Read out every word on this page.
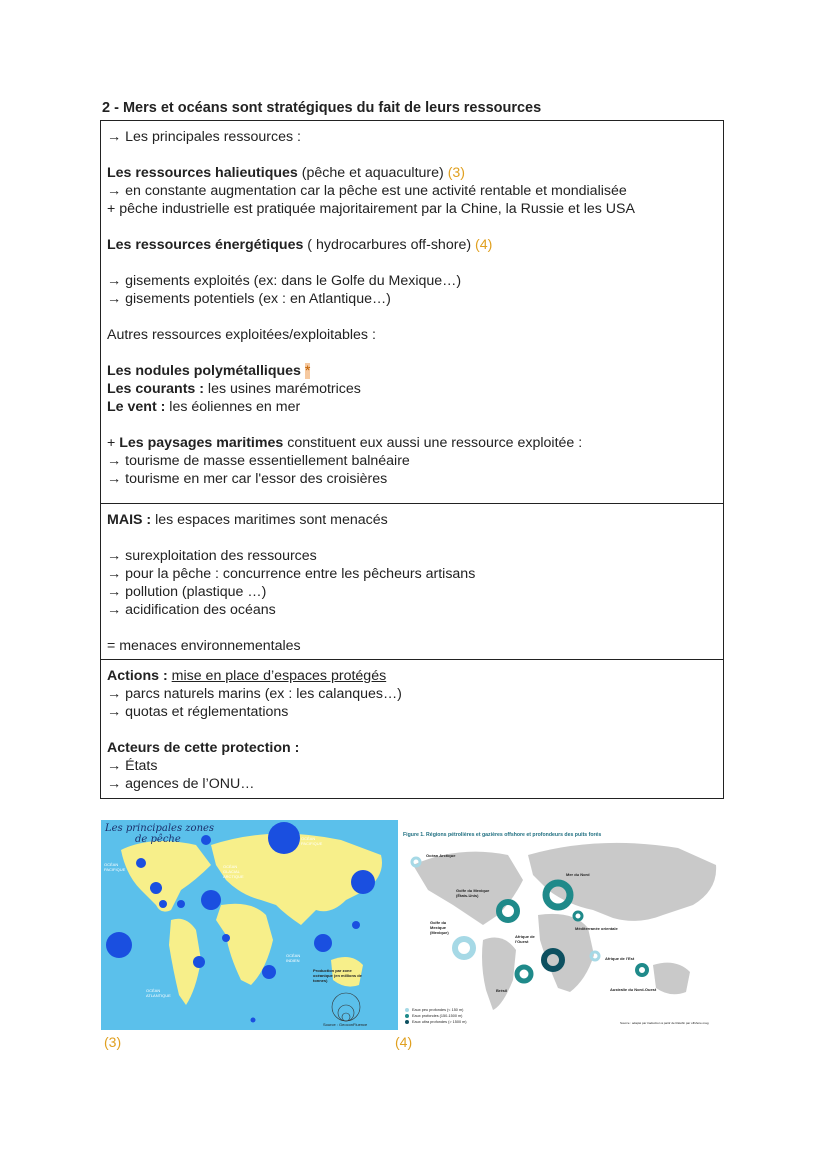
2 - Mers et océans sont stratégiques du fait de leurs ressources

→ Les principales ressources :

Les ressources halieutiques (pêche et aquaculture) (3)

→ en constante augmentation car la pêche est une activité rentable et mondialisée

+ pêche industrielle est pratiquée majoritairement par la Chine, la Russie et les USA

Les ressources énergétiques ( hydrocarbures off-shore) (4)

→ gisements exploités (ex: dans le Golfe du Mexique…)

→ gisements potentiels (ex : en Atlantique…)

Autres ressources exploitées/exploitables :

Les nodules polymétalliques *

Les courants : les usines marémotrices

Le vent : les éoliennes en mer

+ Les paysages maritimes constituent eux aussi une ressource exploitée :

→ tourisme de masse essentiellement balnéaire

→ tourisme en mer car l'essor des croisières

MAIS : les espaces maritimes sont menacés

→ surexploitation des ressources

→ pour la pêche : concurrence entre les pêcheurs artisans

→ pollution (plastique …)

→ acidification des océans

= menaces environnementales

Actions : mise en place d’espaces protégés

→ parcs naturels marins (ex : les calanques…)

→ quotas et réglementations

Acteurs de cette protection :

→ États

→ agences de l’ONU…

Les principales zones
de pêche
OCÉAN PACIFIQUE
OCÉAN GLACIAL ARCTIQUE
OCÉAN PACIFIQUE
OCÉAN INDIEN
OCÉAN ATLANTIQUE
Production par zone océanique (en millions de tonnes)
Source : GeoconFluence
(3)
Figure 1. Régions pétrolières et gazières offshore et profondeurs des puits forés
Océan Arctique
Mer du Nord
Golfe du Mexique (États-Unis)
Golfe du Mexique (Mexique)
Méditerranée orientale
Afrique de l'Ouest
Afrique de l'Est
Brésil	Australie du Nord-Ouest
Eaux peu profondes (< 150 m)
Eaux profondes (150-1500 m)
Eaux ultra profondes (> 1500 m)	Source : adapté par traduction à partir de Rétéfin par offshore.mag
(4)
